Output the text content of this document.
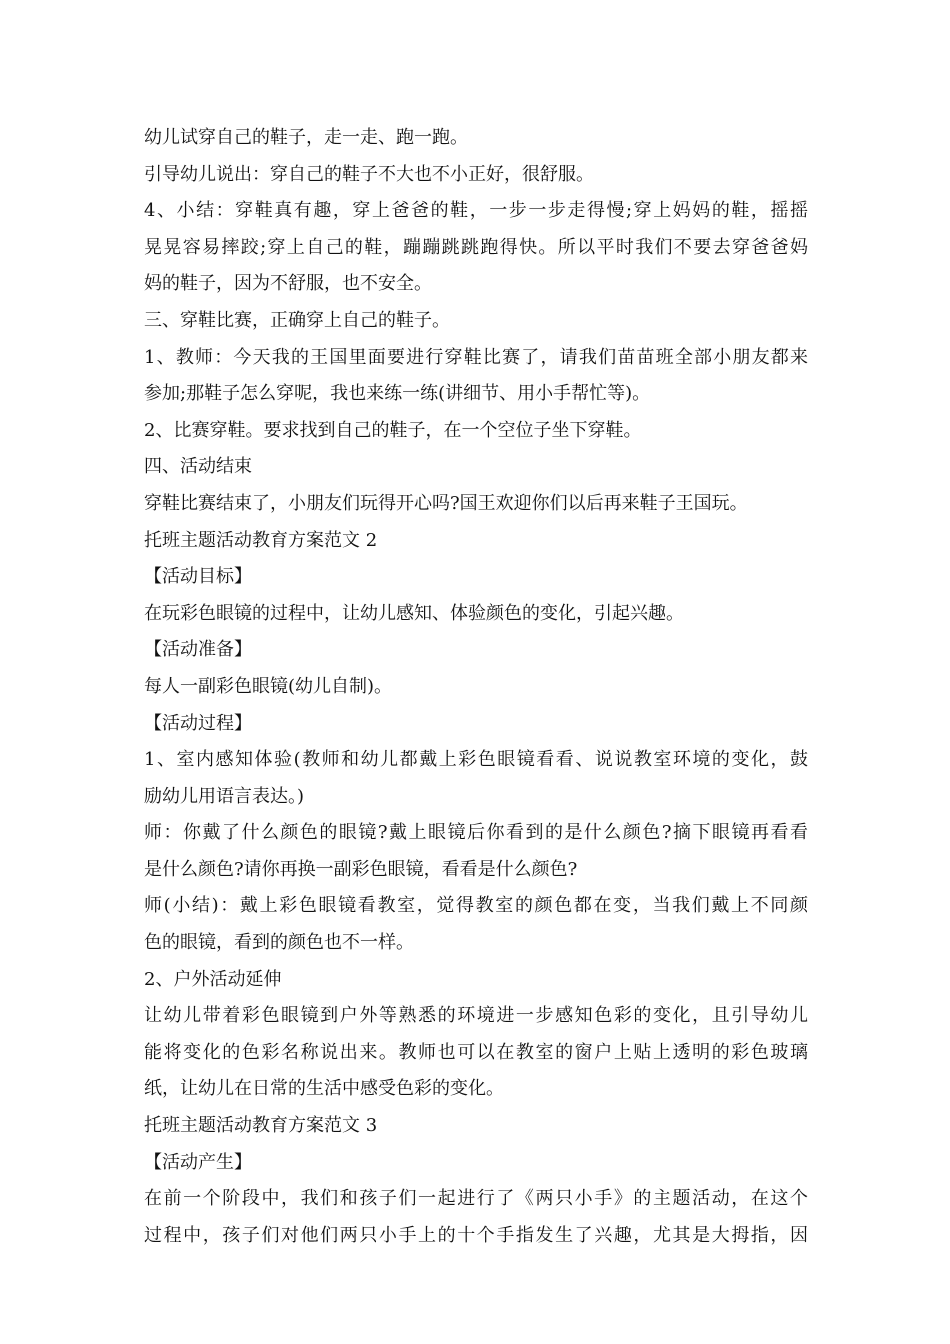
幼儿试穿自己的鞋子，走一走、跑一跑。
引导幼儿说出：穿自己的鞋子不大也不小正好，很舒服。
4、小结：穿鞋真有趣，穿上爸爸的鞋，一步一步走得慢;穿上妈妈的鞋，摇摇
晃晃容易摔跤;穿上自己的鞋，蹦蹦跳跳跑得快。所以平时我们不要去穿爸爸妈
妈的鞋子，因为不舒服，也不安全。
三、穿鞋比赛，正确穿上自己的鞋子。
1、教师：今天我的王国里面要进行穿鞋比赛了，请我们苗苗班全部小朋友都来
参加;那鞋子怎么穿呢，我也来练一练(讲细节、用小手帮忙等)。
2、比赛穿鞋。要求找到自己的鞋子，在一个空位子坐下穿鞋。
四、活动结束
穿鞋比赛结束了，小朋友们玩得开心吗?国王欢迎你们以后再来鞋子王国玩。
托班主题活动教育方案范文 2
【活动目标】
在玩彩色眼镜的过程中，让幼儿感知、体验颜色的变化，引起兴趣。
【活动准备】
每人一副彩色眼镜(幼儿自制)。
【活动过程】
1、室内感知体验(教师和幼儿都戴上彩色眼镜看看、说说教室环境的变化，鼓
励幼儿用语言表达。)
师：你戴了什么颜色的眼镜?戴上眼镜后你看到的是什么颜色?摘下眼镜再看看
是什么颜色?请你再换一副彩色眼镜，看看是什么颜色?
师(小结)：戴上彩色眼镜看教室，觉得教室的颜色都在变，当我们戴上不同颜
色的眼镜，看到的颜色也不一样。
2、户外活动延伸
让幼儿带着彩色眼镜到户外等熟悉的环境进一步感知色彩的变化，且引导幼儿
能将变化的色彩名称说出来。教师也可以在教室的窗户上贴上透明的彩色玻璃
纸，让幼儿在日常的生活中感受色彩的变化。
托班主题活动教育方案范文 3
【活动产生】
在前一个阶段中，我们和孩子们一起进行了《两只小手》的主题活动，在这个
过程中，孩子们对他们两只小手上的十个手指发生了兴趣，尤其是大拇指，因
